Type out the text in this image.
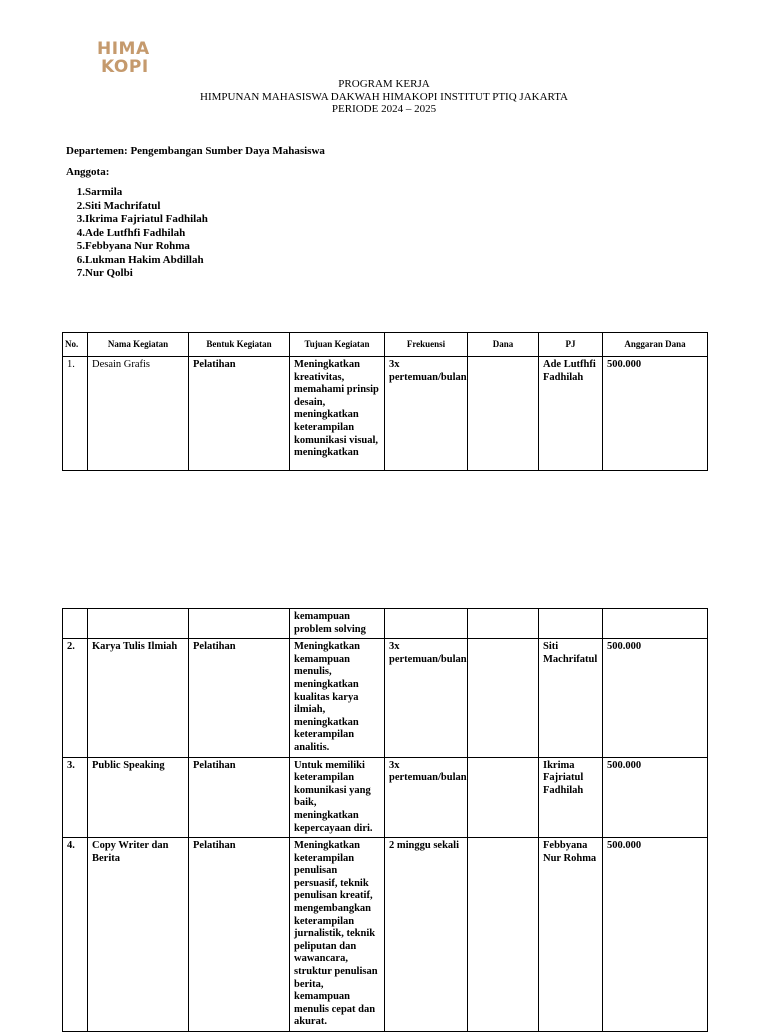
HIMA
KOPI
PROGRAM KERJA
HIMPUNAN MAHASISWA DAKWAH HIMAKOPI INSTITUT PTIQ JAKARTA
PERIODE 2024 – 2025
Departemen: Pengembangan Sumber Daya Mahasiswa
Anggota:
1. Sarmila
2. Siti Machrifatul
3. Ikrima Fajriatul Fadhilah
4. Ade Lutfhfi Fadhilah
5. Febbyana Nur Rohma
6. Lukman Hakim Abdillah
7. Nur Qolbi
No.	Nama Kegiatan	Bentuk Kegiatan	Tujuan Kegiatan	Frekuensi	Dana	PJ	Anggaran Dana
1.	Desain Grafis	Pelatihan	Meningkatkan kreativitas, memahami prinsip desain, meningkatkan keterampilan komunikasi visual, meningkatkan	3x pertemuan/bulan		Ade Lutfhfi Fadhilah	500.000
			kemampuan problem solving				
2.	Karya Tulis Ilmiah	Pelatihan	Meningkatkan kemampuan menulis, meningkatkan kualitas karya ilmiah, meningkatkan keterampilan analitis.	3x pertemuan/bulan		Siti Machrifatul	500.000
3.	Public Speaking	Pelatihan	Untuk memiliki keterampilan komunikasi yang baik, meningkatkan kepercayaan diri.	3x pertemuan/bulan		Ikrima Fajriatul Fadhilah	500.000
4.	Copy Writer dan Berita	Pelatihan	Meningkatkan keterampilan penulisan persuasif, teknik penulisan kreatif, mengembangkan keterampilan jurnalistik, teknik peliputan dan wawancara, struktur penulisan berita, kemampuan menulis cepat dan akurat.	2 minggu sekali		Febbyana Nur Rohma	500.000
